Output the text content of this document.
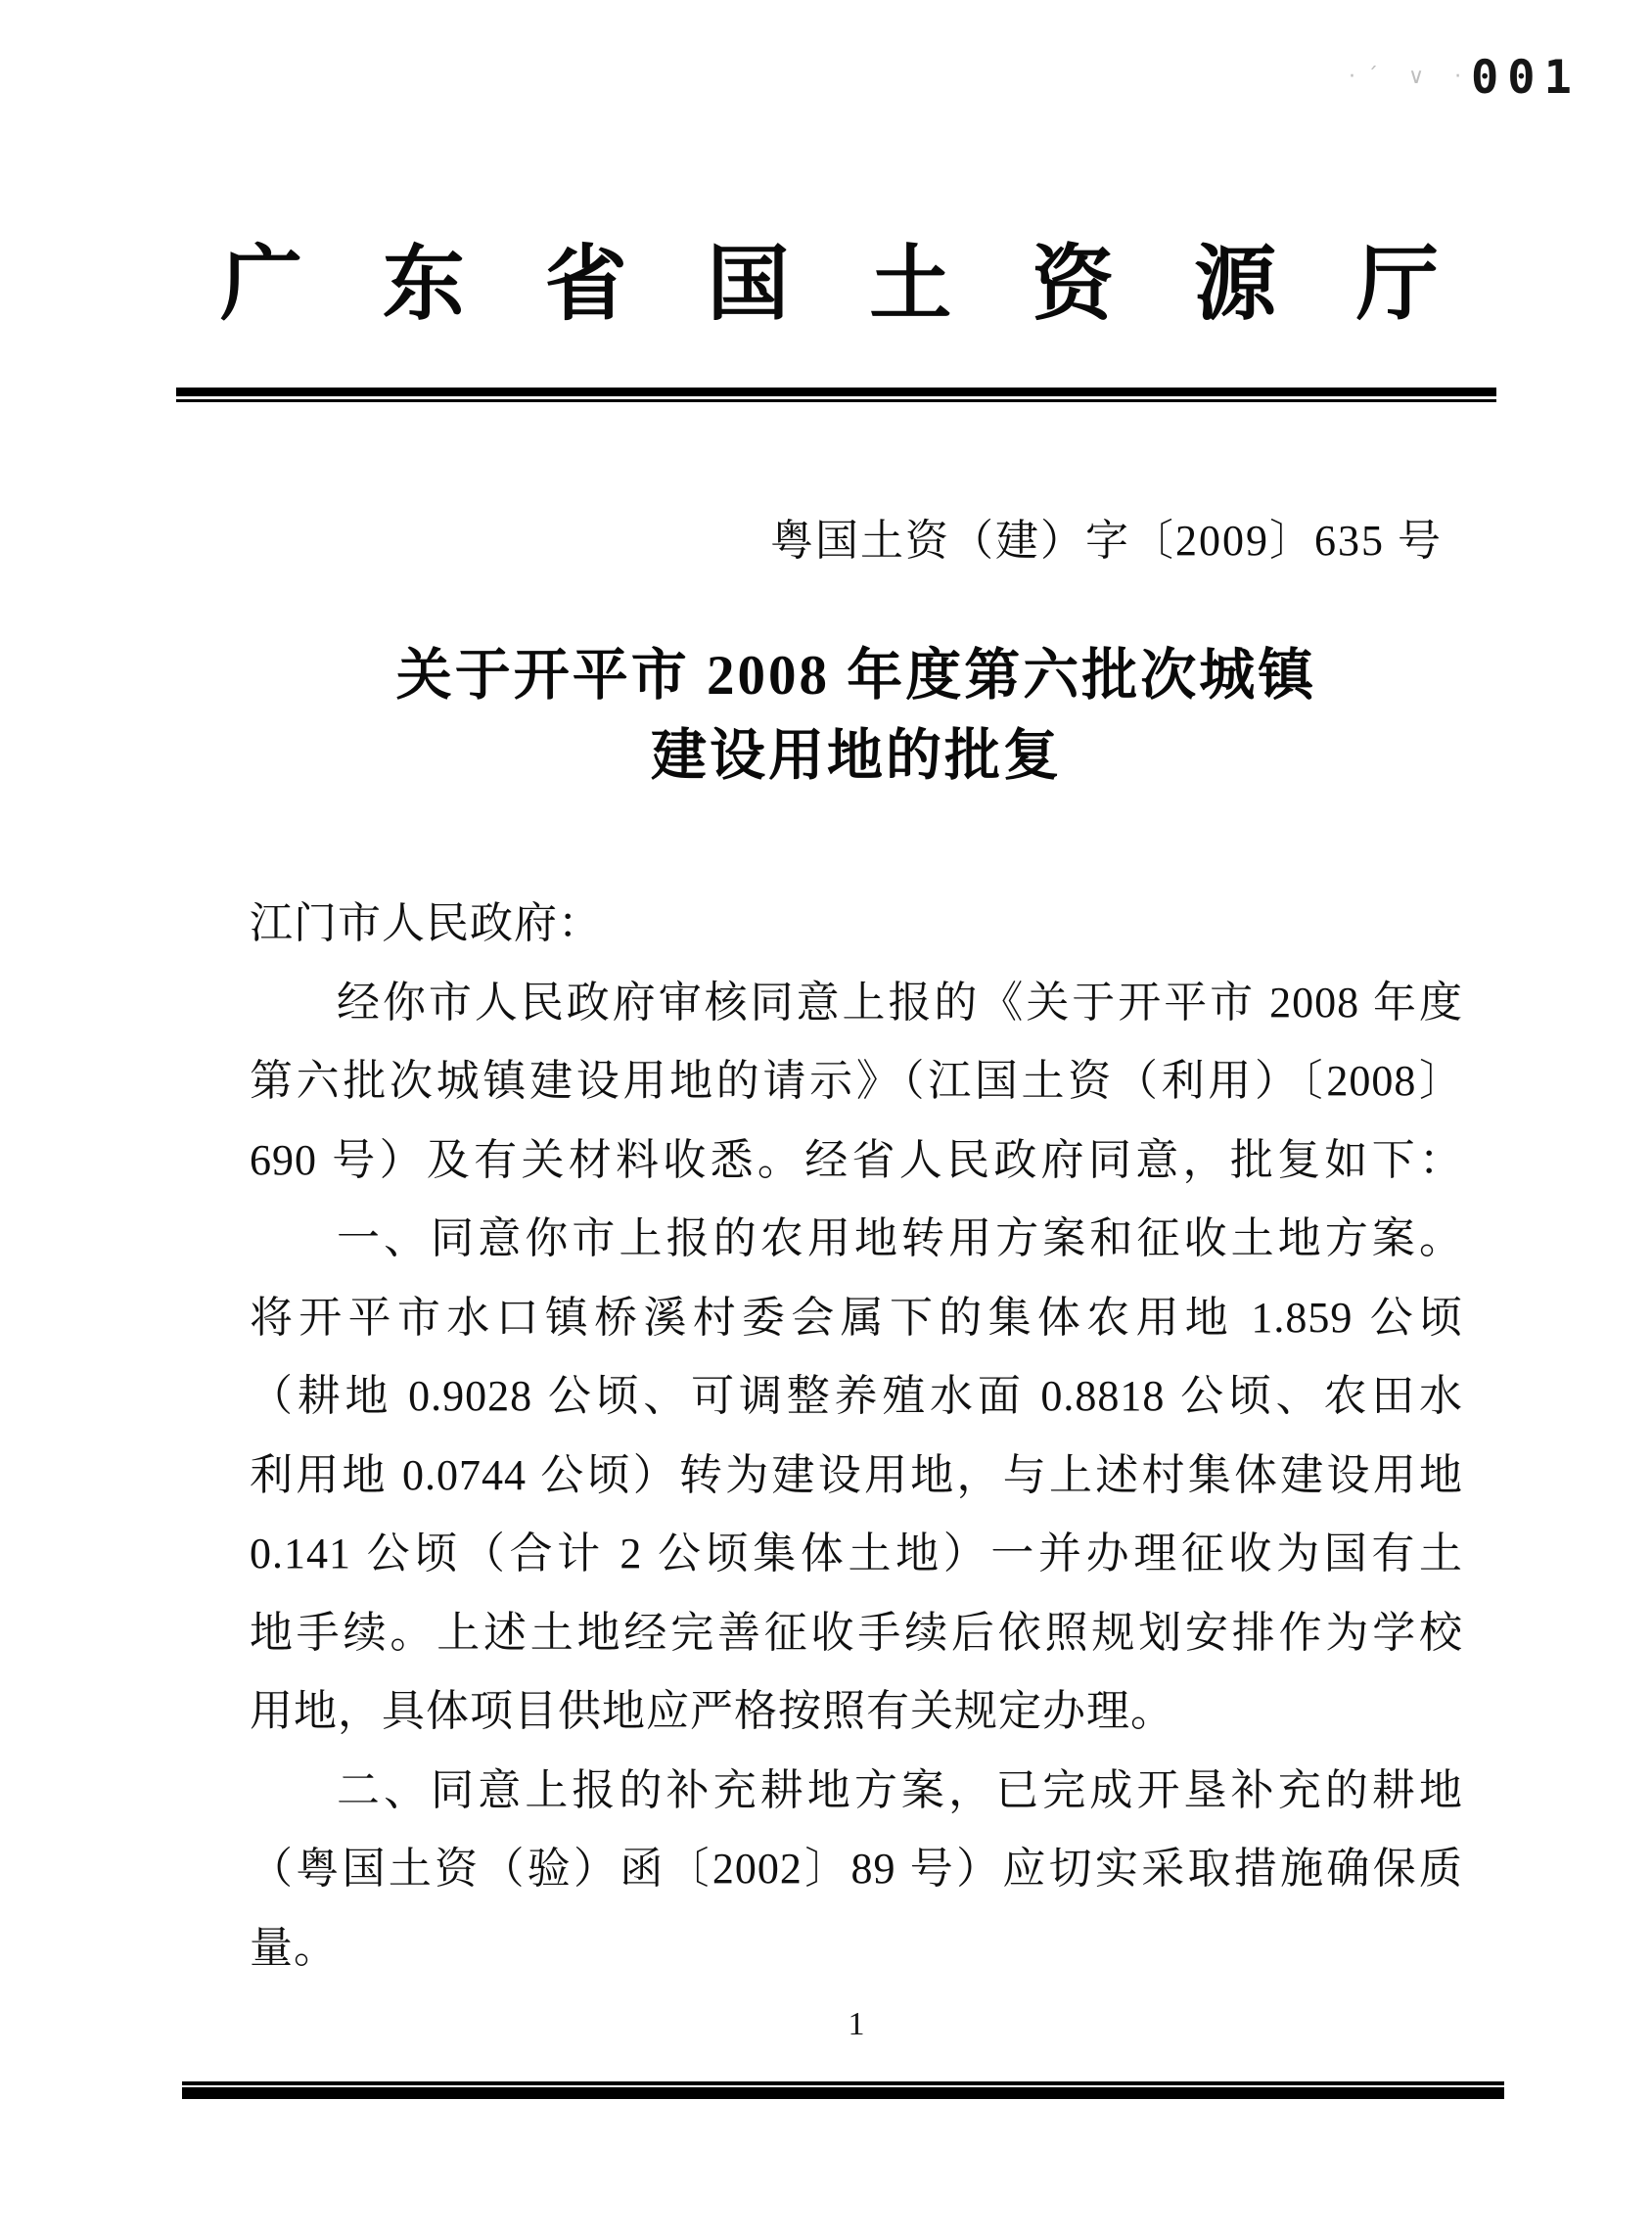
·ˊ ∨ ·
001
广 东 省 国 土 资 源 厅
粤国土资（建）字〔2009〕635 号
关于开平市 2008 年度第六批次城镇
建设用地的批复
江门市人民政府：
经你市人民政府审核同意上报的《关于开平市 2008 年度
第六批次城镇建设用地的请示》（江国土资（利用）〔2008〕
690 号）及有关材料收悉。经省人民政府同意，批复如下：
一、同意你市上报的农用地转用方案和征收土地方案。
将开平市水口镇桥溪村委会属下的集体农用地 1.859 公顷
（耕地 0.9028 公顷、可调整养殖水面 0.8818 公顷、农田水
利用地 0.0744 公顷）转为建设用地，与上述村集体建设用地
0.141 公顷（合计 2 公顷集体土地）一并办理征收为国有土
地手续。上述土地经完善征收手续后依照规划安排作为学校
用地，具体项目供地应严格按照有关规定办理。
二、同意上报的补充耕地方案，已完成开垦补充的耕地
（粤国土资（验）函〔2002〕89 号）应切实采取措施确保质
量。
1
